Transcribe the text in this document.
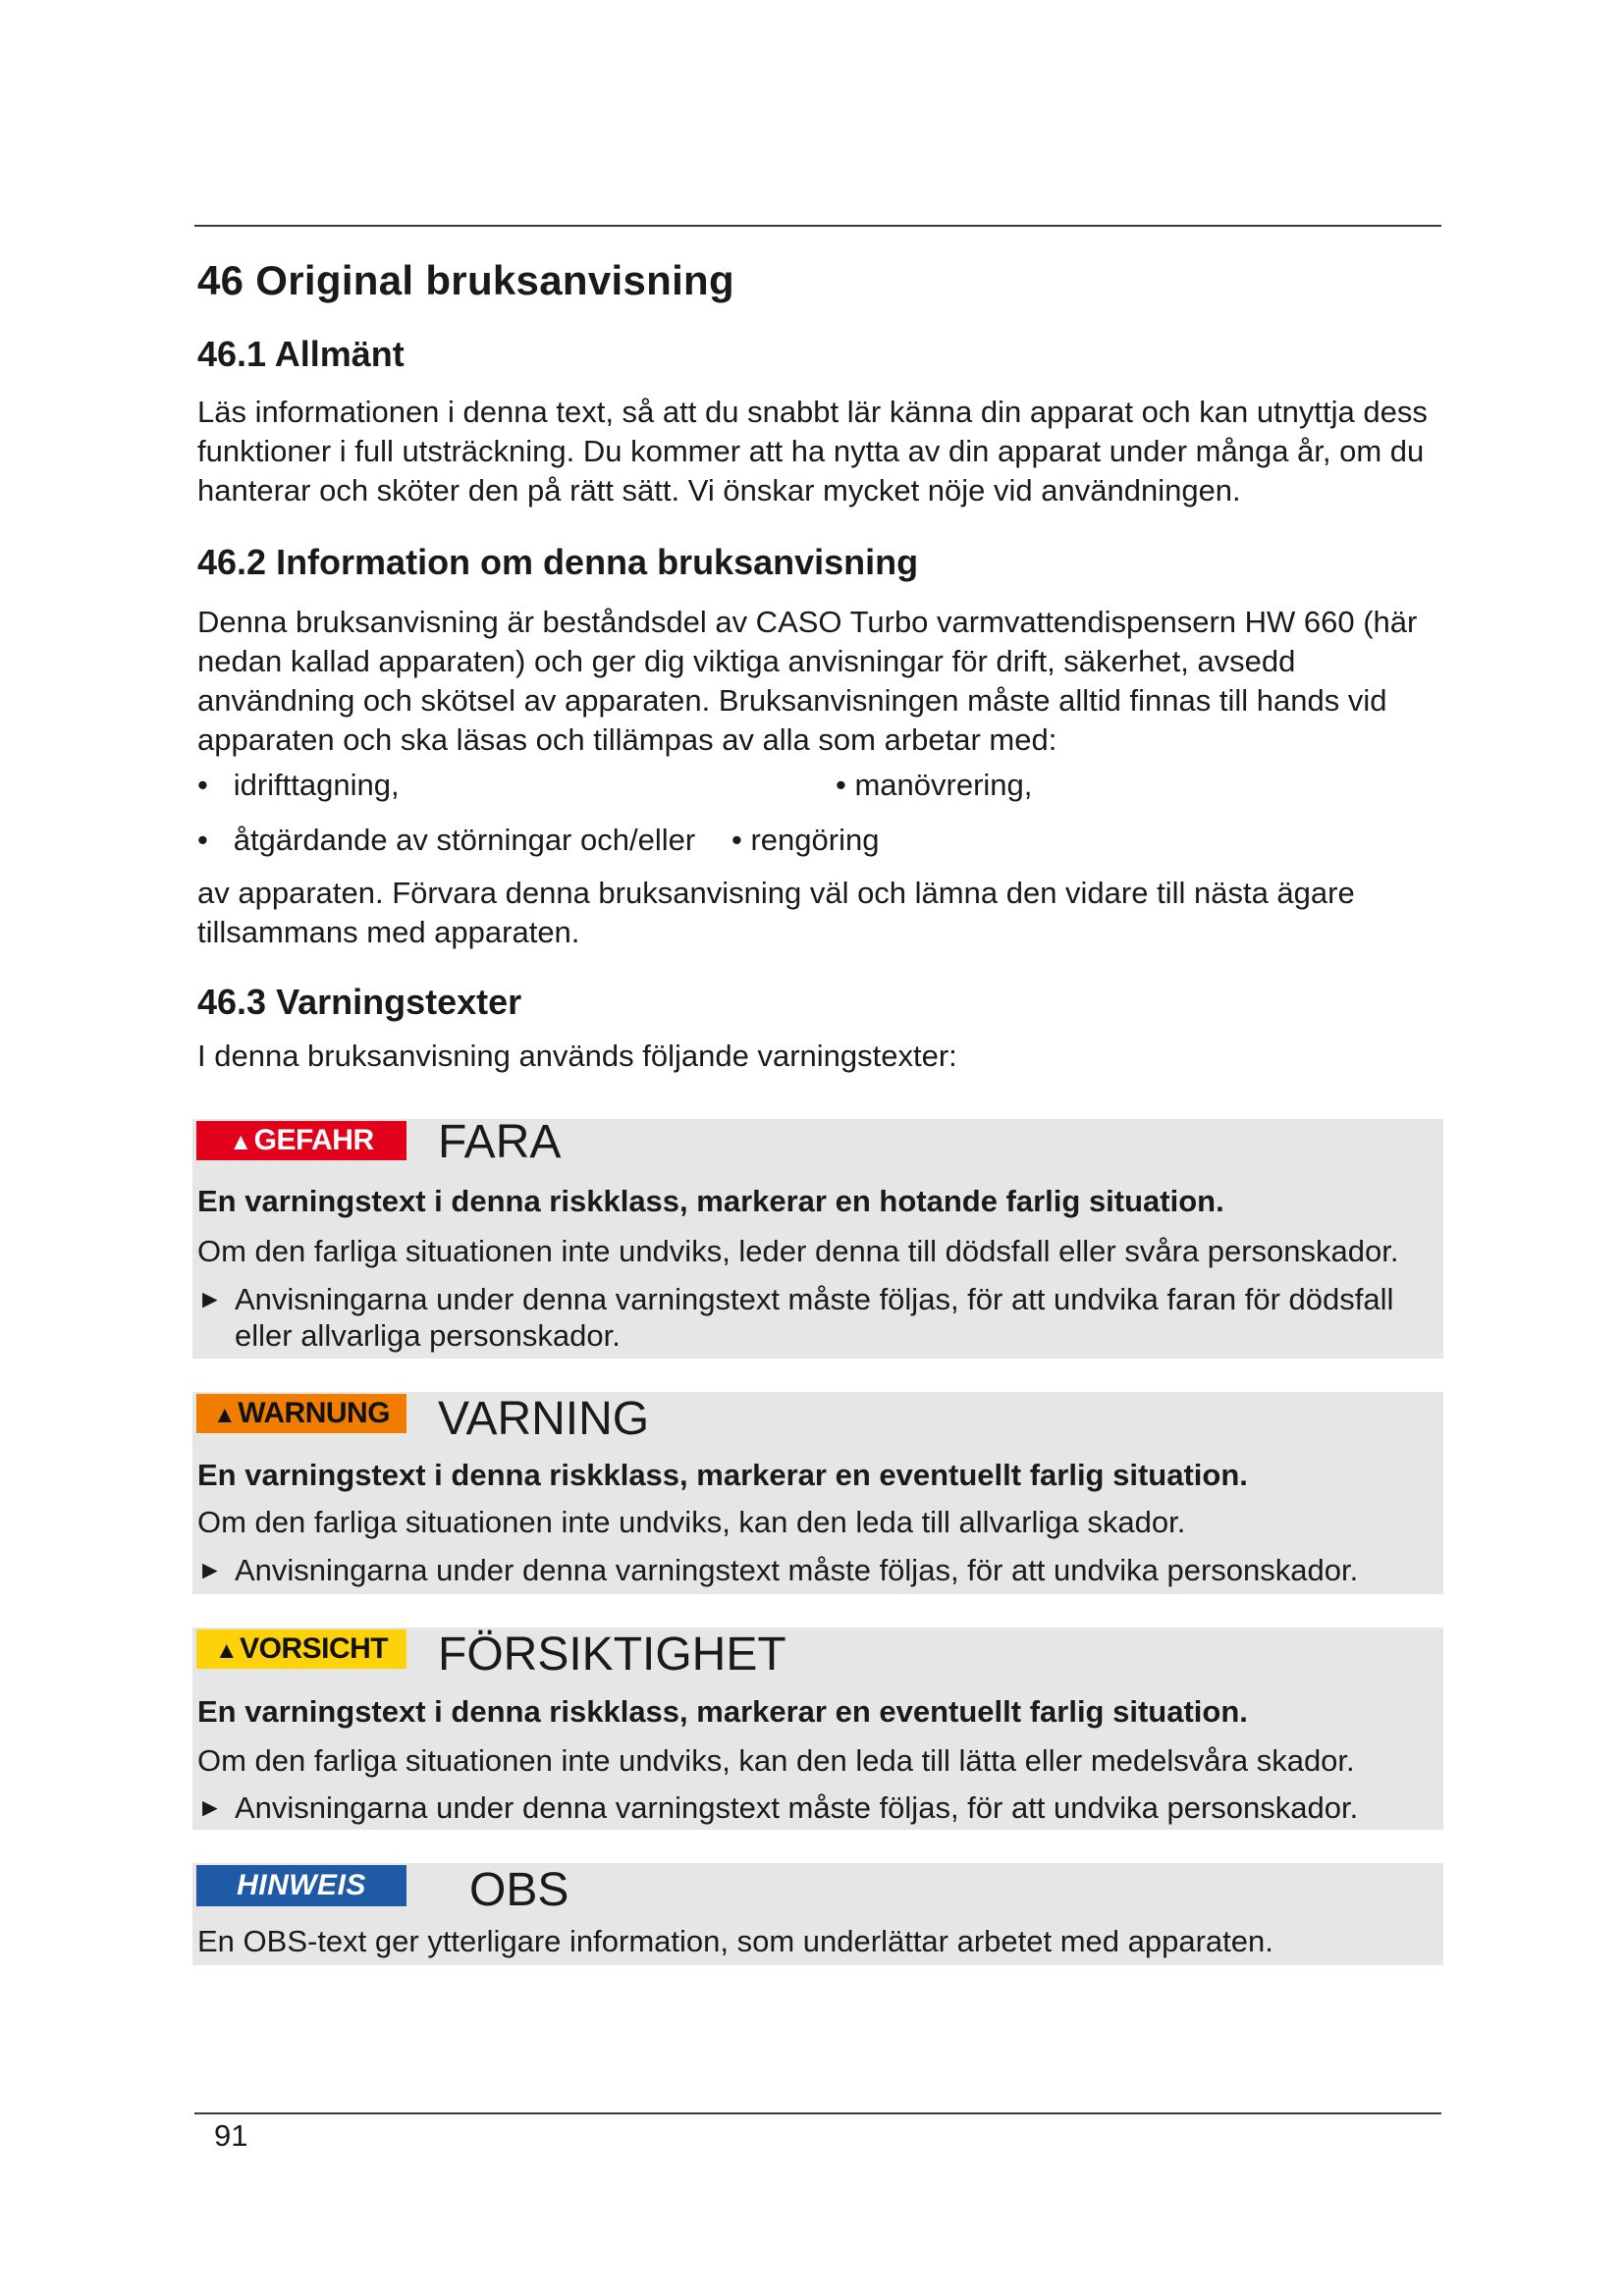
46 Original bruksanvisning
46.1 Allmänt

Läs informationen i denna text, så att du snabbt lär känna din apparat och kan utnyttja dess funktioner i full utsträckning. Du kommer att ha nytta av din apparat under många år, om du hanterar och sköter den på rätt sätt. Vi önskar mycket nöje vid användningen.

46.2 Information om denna bruksanvisning

Denna bruksanvisning är beståndsdel av CASO Turbo varmvattendispensern HW 660 (här nedan kallad apparaten) och ger dig viktiga anvisningar för drift, säkerhet, avsedd användning och skötsel av apparaten. Bruksanvisningen måste alltid finnas till hands vid apparaten och ska läsas och tillämpas av alla som arbetar med:

• idrifttagning,	• manövrering,
• åtgärdande av störningar och/eller • rengöring

av apparaten. Förvara denna bruksanvisning väl och lämna den vidare till nästa ägare tillsammans med apparaten.

46.3 Varningstexter

I denna bruksanvisning används följande varningstexter:

▲GEFAHR	FARA
En varningstext i denna riskklass, markerar en hotande farlig situation.
Om den farliga situationen inte undviks, leder denna till dödsfall eller svåra personskador.
► Anvisningarna under denna varningstext måste följas, för att undvika faran för dödsfall eller allvarliga personskador.
▲WARNUNG	VARNING
En varningstext i denna riskklass, markerar en eventuellt farlig situation.
Om den farliga situationen inte undviks, kan den leda till allvarliga skador.
► Anvisningarna under denna varningstext måste följas, för att undvika personskador.
▲VORSICHT	FÖRSIKTIGHET
En varningstext i denna riskklass, markerar en eventuellt farlig situation.
Om den farliga situationen inte undviks, kan den leda till lätta eller medelsvåra skador.
► Anvisningarna under denna varningstext måste följas, för att undvika personskador.
HINWEIS	OBS
En OBS-text ger ytterligare information, som underlättar arbetet med apparaten.
91
